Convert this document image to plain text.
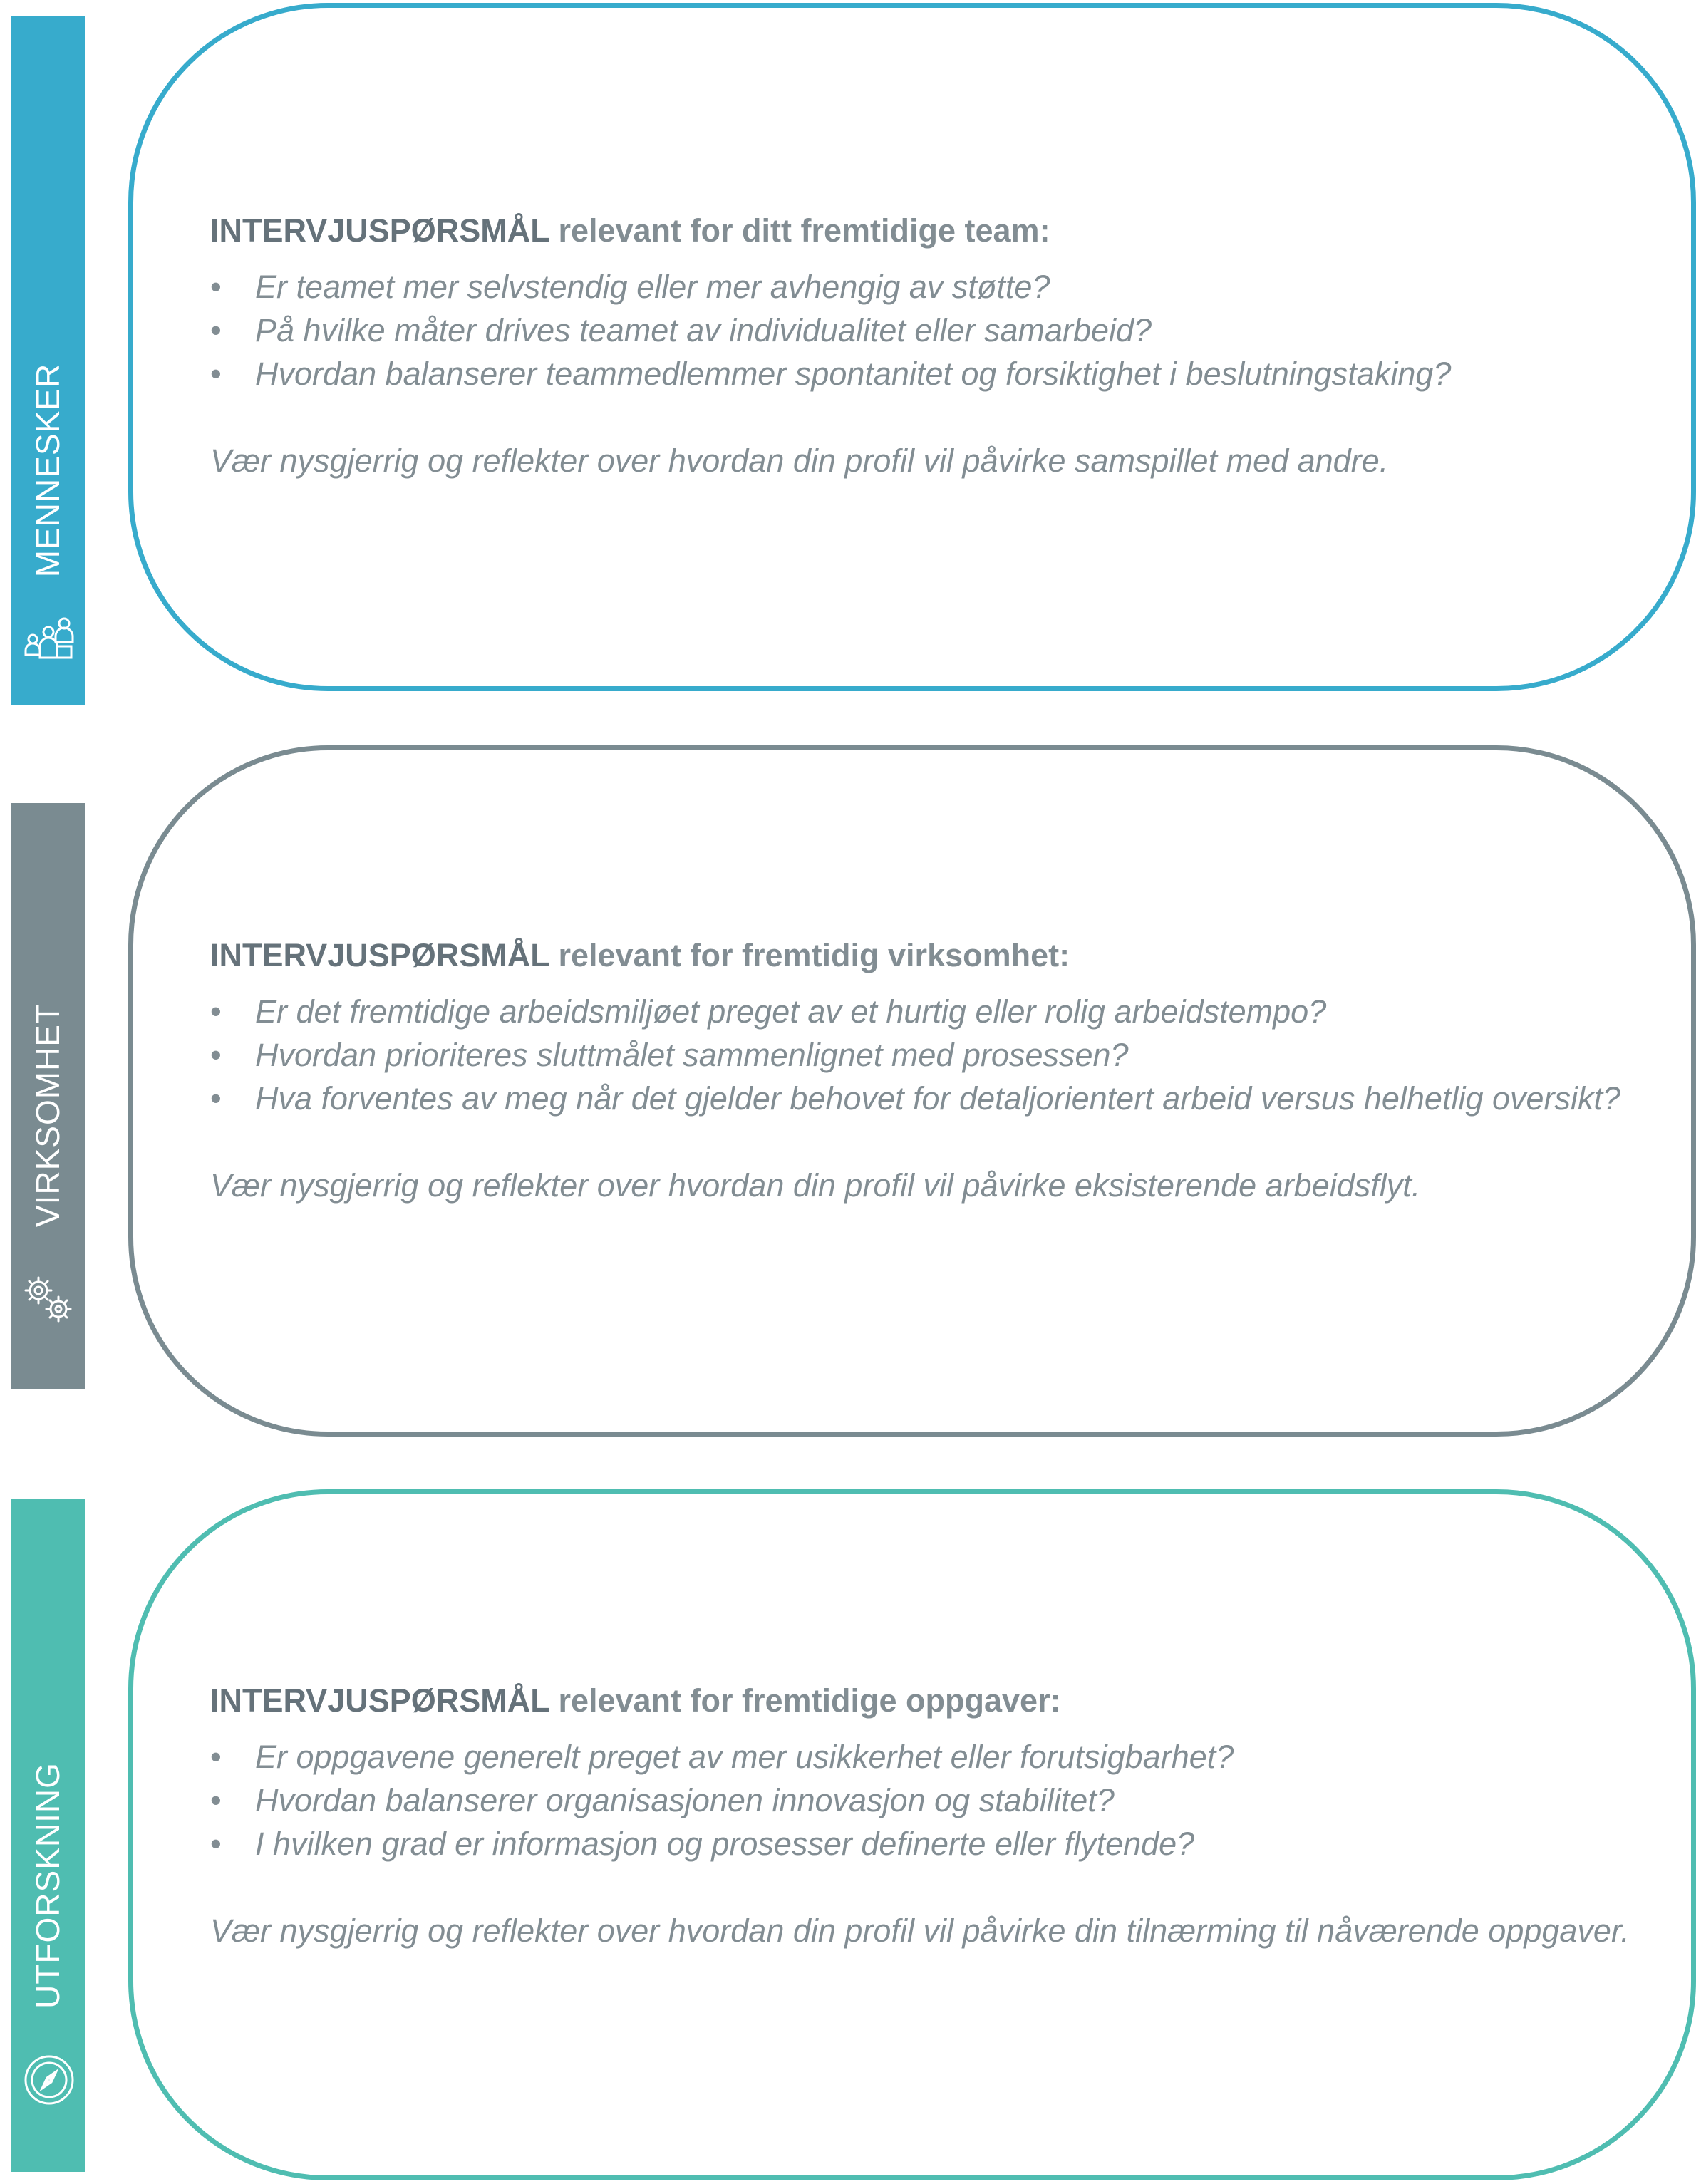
MENNESKER
INTERVJUSPØRSMÅL relevant for ditt fremtidige team:
• Er teamet mer selvstendig eller mer avhengig av støtte?
• På hvilke måter drives teamet av individualitet eller samarbeid?
• Hvordan balanserer teammedlemmer spontanitet og forsiktighet i beslutningstaking?
Vær nysgjerrig og reflekter over hvordan din profil vil påvirke samspillet med andre.
VIRKSOMHET
INTERVJUSPØRSMÅL relevant for fremtidig virksomhet:
• Er det fremtidige arbeidsmiljøet preget av et hurtig eller rolig arbeidstempo?
• Hvordan prioriteres sluttmålet sammenlignet med prosessen?
• Hva forventes av meg når det gjelder behovet for detaljorientert arbeid versus helhetlig oversikt?
Vær nysgjerrig og reflekter over hvordan din profil vil påvirke eksisterende arbeidsflyt.
UTFORSKNING
INTERVJUSPØRSMÅL relevant for fremtidige oppgaver:
• Er oppgavene generelt preget av mer usikkerhet eller forutsigbarhet?
• Hvordan balanserer organisasjonen innovasjon og stabilitet?
• I hvilken grad er informasjon og prosesser definerte eller flytende?
Vær nysgjerrig og reflekter over hvordan din profil vil påvirke din tilnærming til nåværende oppgaver.
